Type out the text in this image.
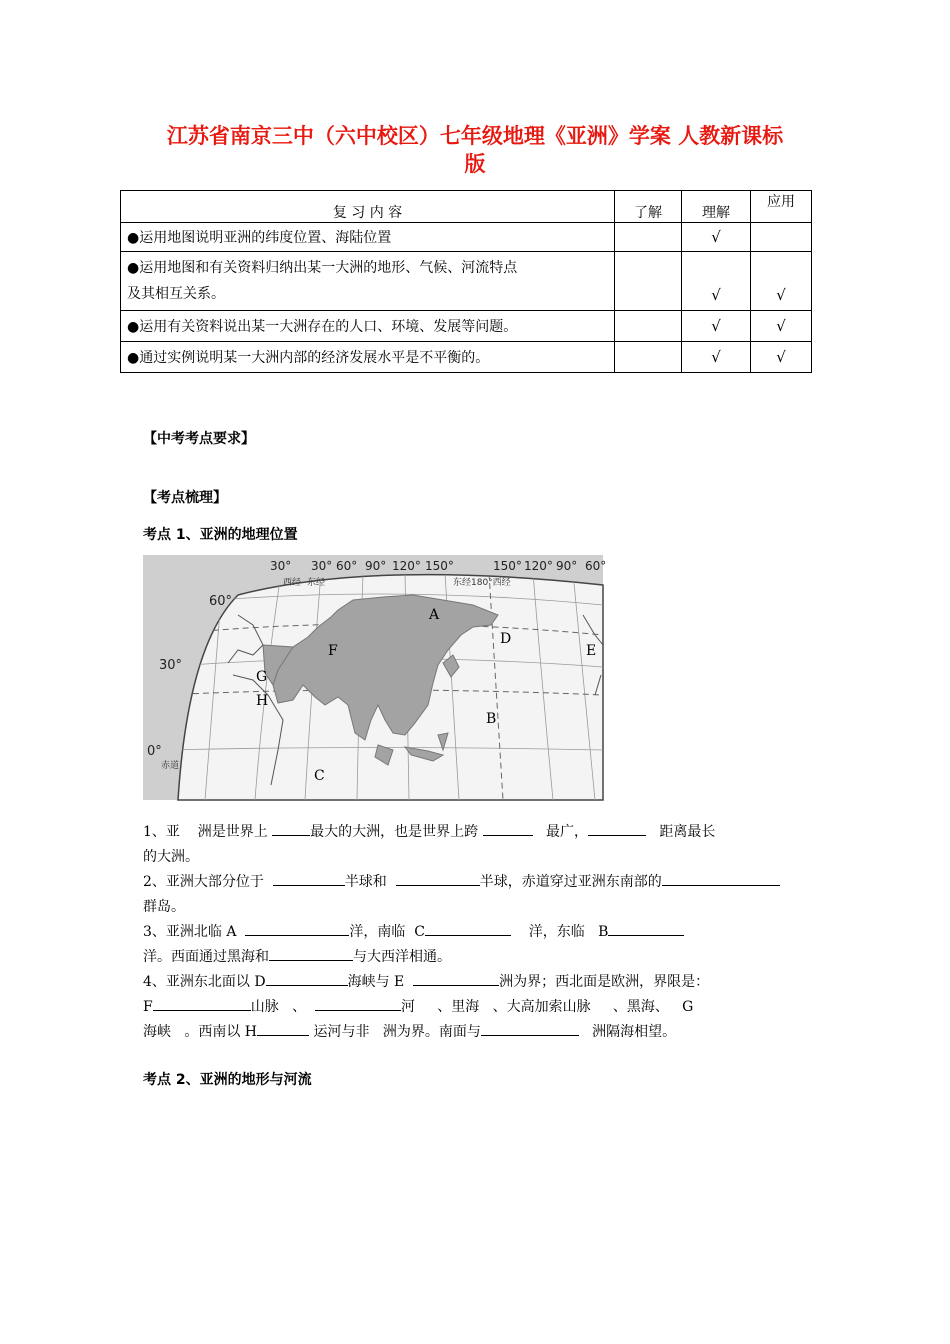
江苏省南京三中（六中校区）七年级地理《亚洲》学案 人教新课标
版
复 习 内 容	了解	理解	应用
●运用地图说明亚洲的纬度位置、海陆位置		√	

●运用地图和有关资料归纳出某一大洲的地形、气候、河流特点
及其相互关系。		√	√
●运用有关资料说出某一大洲存在的人口、环境、发展等问题。		√	√
●通过实例说明某一大洲内部的经济发展水平是不平衡的。		√	√
【中考考点要求】
【考点梳理】
考点 1、亚洲的地理位置
30° 30° 60° 90° 120° 150°	150° 120° 90° 60°
西经 东经	东经180°西经
60°
30°
0°
赤道
A
B
C
D
E
F
G
H
1、亚    洲是世界上	最大的大洲，也是世界上跨	最广，	距离最长
的大洲。
2、亚洲大部分位于	半球和	半球，赤道穿过亚洲东南部的
群岛。
3、亚洲北临 A	洋，南临  C	洋，东临   B
洋。西面通过黑海和	与大西洋相通。
4、亚洲东北面以 D	海峡与 E	洲为界；西北面是欧洲，界限是：
F	山脉   、	河     、里海   、大高加索山脉     、黑海、   G
海峡   。西南以 H	运河与非   洲为界。南面与	洲隔海相望。
考点 2、亚洲的地形与河流
